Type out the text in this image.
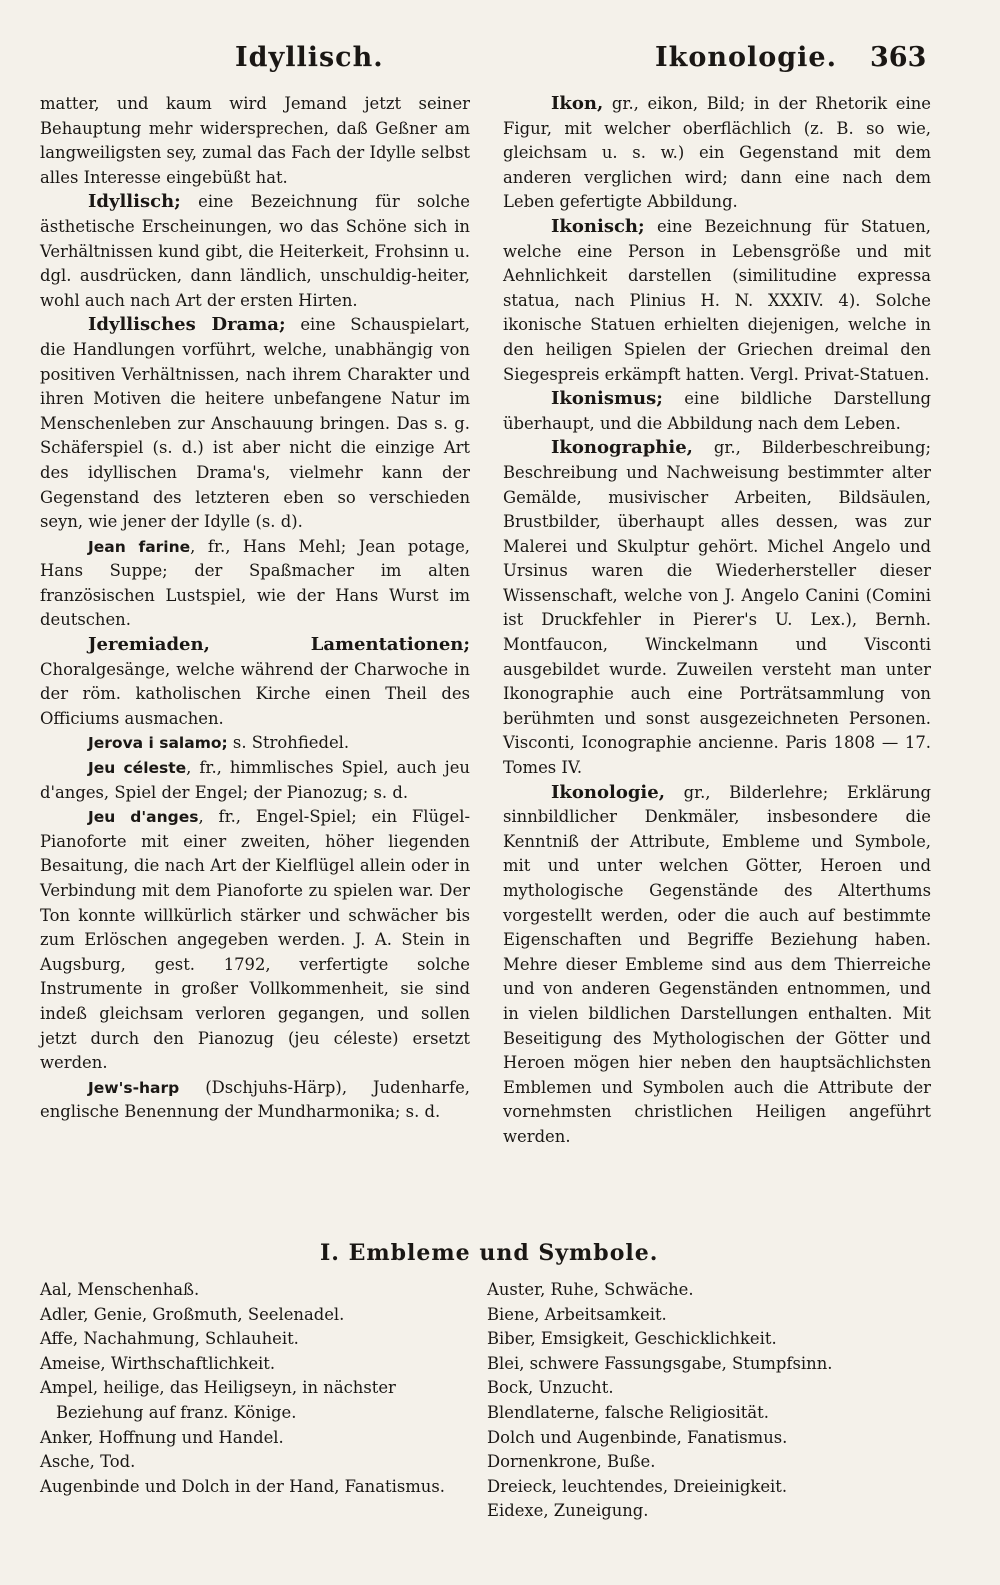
Idyllisch.	Ikonologie. 363

matter, und kaum wird Jemand jetzt seiner Behauptung mehr widersprechen, daß Geßner am langweiligsten sey, zumal das Fach der Idylle selbst alles Interesse eingebüßt hat.

Idyllisch; eine Bezeichnung für solche ästhetische Erscheinungen, wo das Schöne sich in Verhältnissen kund gibt, die Heiterkeit, Frohsinn u. dgl. ausdrücken, dann ländlich, unschuldig-heiter, wohl auch nach Art der ersten Hirten.

Idyllisches Drama; eine Schauspielart, die Handlungen vorführt, welche, unabhängig von positiven Verhältnissen, nach ihrem Charakter und ihren Motiven die heitere unbefangene Natur im Menschenleben zur Anschauung bringen. Das s. g. Schäferspiel (s. d.) ist aber nicht die einzige Art des idyllischen Drama's, vielmehr kann der Gegenstand des letzteren eben so verschieden seyn, wie jener der Idylle (s. d).

Jean farine, fr., Hans Mehl; Jean potage, Hans Suppe; der Spaßmacher im alten französischen Lustspiel, wie der Hans Wurst im deutschen.

Jeremiaden, Lamentationen; Choralgesänge, welche während der Charwoche in der röm. katholischen Kirche einen Theil des Officiums ausmachen.

Jerova i salamo; s. Strohfiedel.

Jeu céleste, fr., himmlisches Spiel, auch jeu d'anges, Spiel der Engel; der Pianozug; s. d.

Jeu d'anges, fr., Engel-Spiel; ein Flügel-Pianoforte mit einer zweiten, höher liegenden Besaitung, die nach Art der Kielflügel allein oder in Verbindung mit dem Pianoforte zu spielen war. Der Ton konnte willkürlich stärker und schwächer bis zum Erlöschen angegeben werden. J. A. Stein in Augsburg, gest. 1792, verfertigte solche Instrumente in großer Vollkommenheit, sie sind indeß gleichsam verloren gegangen, und sollen jetzt durch den Pianozug (jeu céleste) ersetzt werden.

Jew's-harp (Dschjuhs-Härp), Judenharfe, englische Benennung der Mundharmonika; s. d.

Ikon, gr., eikon, Bild; in der Rhetorik eine Figur, mit welcher oberflächlich (z. B. so wie, gleichsam u. s. w.) ein Gegenstand mit dem anderen verglichen wird; dann eine nach dem Leben gefertigte Abbildung.

Ikonisch; eine Bezeichnung für Statuen, welche eine Person in Lebensgröße und mit Aehnlichkeit darstellen (similitudine expressa statua, nach Plinius H. N. XXXIV. 4). Solche ikonische Statuen erhielten diejenigen, welche in den heiligen Spielen der Griechen dreimal den Siegespreis erkämpft hatten. Vergl. Privat-Statuen.

Ikonismus; eine bildliche Darstellung überhaupt, und die Abbildung nach dem Leben.

Ikonographie, gr., Bilderbeschreibung; Beschreibung und Nachweisung bestimmter alter Gemälde, musivischer Arbeiten, Bildsäulen, Brustbilder, überhaupt alles dessen, was zur Malerei und Skulptur gehört. Michel Angelo und Ursinus waren die Wiederhersteller dieser Wissenschaft, welche von J. Angelo Canini (Comini ist Druckfehler in Pierer's U. Lex.), Bernh. Montfaucon, Winckelmann und Visconti ausgebildet wurde. Zuweilen versteht man unter Ikonographie auch eine Porträtsammlung von berühmten und sonst ausgezeichneten Personen. Visconti, Iconographie ancienne. Paris 1808 — 17. Tomes IV.

Ikonologie, gr., Bilderlehre; Erklärung sinnbildlicher Denkmäler, insbesondere die Kenntniß der Attribute, Embleme und Symbole, mit und unter welchen Götter, Heroen und mythologische Gegenstände des Alterthums vorgestellt werden, oder die auch auf bestimmte Eigenschaften und Begriffe Beziehung haben. Mehre dieser Embleme sind aus dem Thierreiche und von anderen Gegenständen entnommen, und in vielen bildlichen Darstellungen enthalten. Mit Beseitigung des Mythologischen der Götter und Heroen mögen hier neben den hauptsächlichsten Emblemen und Symbolen auch die Attribute der vornehmsten christlichen Heiligen angeführt werden.

I. Embleme und Symbole.

Aal, Menschenhaß.

Adler, Genie, Großmuth, Seelenadel.

Affe, Nachahmung, Schlauheit.

Ameise, Wirthschaftlichkeit.

Ampel, heilige, das Heiligseyn, in nächster Beziehung auf franz. Könige.

Anker, Hoffnung und Handel.

Asche, Tod.

Augenbinde und Dolch in der Hand, Fanatismus.

Auster, Ruhe, Schwäche.

Biene, Arbeitsamkeit.

Biber, Emsigkeit, Geschicklichkeit.

Blei, schwere Fassungsgabe, Stumpfsinn.

Bock, Unzucht.

Blendlaterne, falsche Religiosität.

Dolch und Augenbinde, Fanatismus.

Dornenkrone, Buße.

Dreieck, leuchtendes, Dreieinigkeit.

Eidexe, Zuneigung.
